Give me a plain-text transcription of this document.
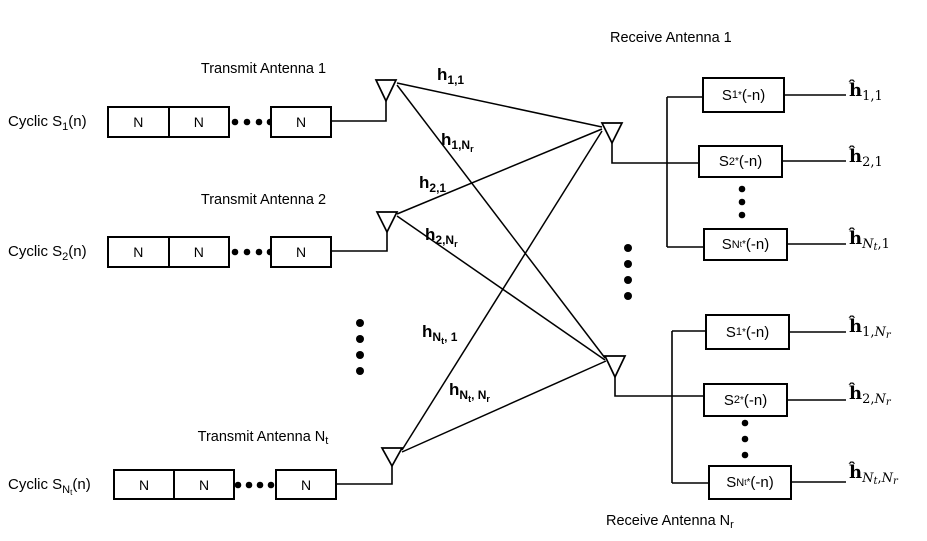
Transmit Antenna 1
Transmit Antenna 2
Transmit Antenna $N_t$
Cyclic $S_1(n)$
Cyclic $S_2(n)$
Cyclic $S_{Nt}(n)$
N	N	N
N	N	N
N	N	N
$h_{1,1}$
$h_{1,Nr}$
$h_{2,1}$
$h_{2,Nr}$
$h_{Nt, 1}$
$h_{Nt, Nr}$
Receive Antenna 1
Receive Antenna $N_r$
S 1 * (-n)
S 2 * (-n)
S N t * (-n)
S 1 * (-n)
S 2 * (-n)
S N t * (-n)
$ĥ_{1,1}$
$ĥ_{2,1}$
$ĥ_{Nt,1}$
$ĥ_{1,Nr}$
$ĥ_{2,Nr}$
$ĥ_{Nt,Nr}$
